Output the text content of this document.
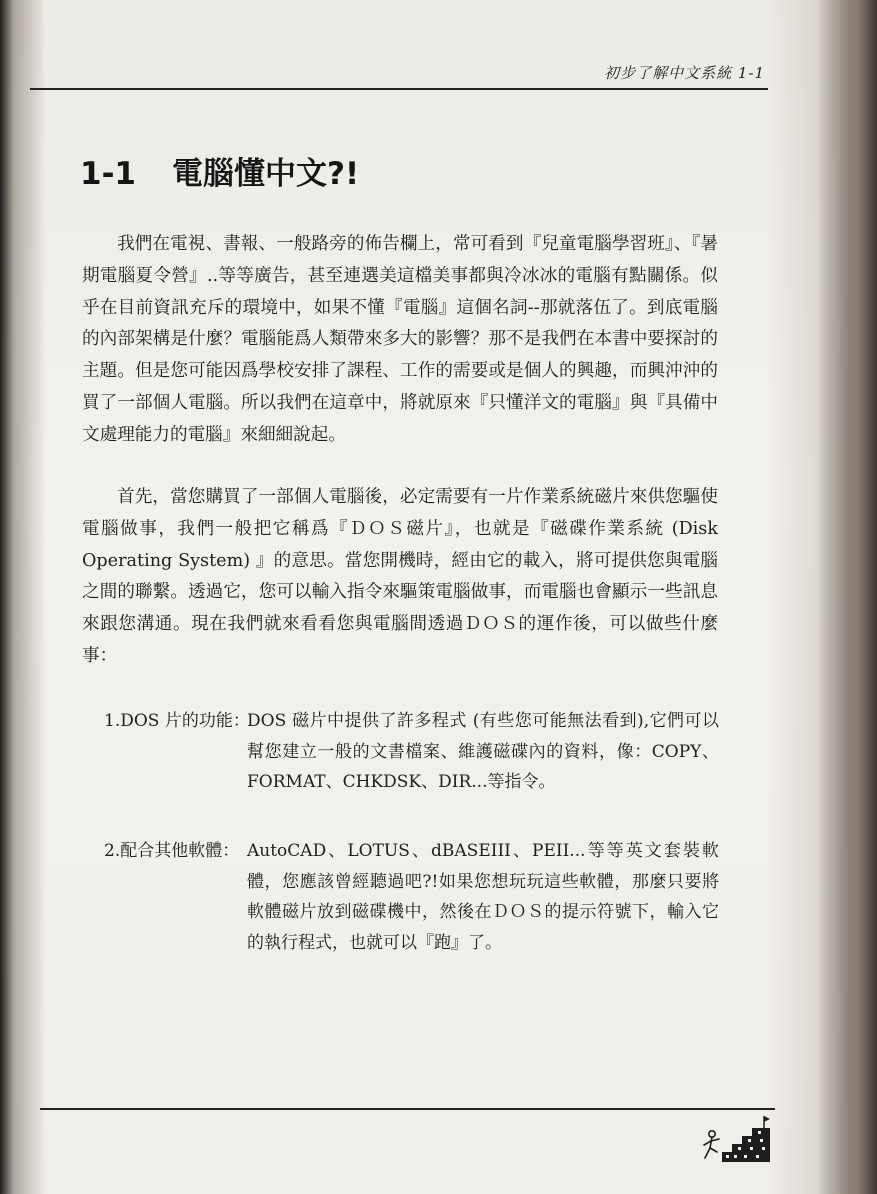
初步了解中文系統 1-1
1-1 電腦懂中文?!

我們在電視、書報、一般路旁的佈告欄上，常可看到『兒童電腦學習班』、『暑期電腦夏令營』..等等廣告，甚至連選美這檔美事都與冷冰冰的電腦有點關係。似乎在目前資訊充斥的環境中，如果不懂『電腦』這個名詞--那就落伍了。到底電腦的內部架構是什麼？電腦能爲人類帶來多大的影響？那不是我們在本書中要探討的主題。但是您可能因爲學校安排了課程、工作的需要或是個人的興趣，而興沖沖的買了一部個人電腦。所以我們在這章中，將就原來『只懂洋文的電腦』與『具備中文處理能力的電腦』來細細說起。

首先，當您購買了一部個人電腦後，必定需要有一片作業系統磁片來供您驅使電腦做事，我們一般把它稱爲『ＤＯＳ磁片』，也就是『磁碟作業系統 (Disk Operating System) 』的意思。當您開機時，經由它的載入，將可提供您與電腦之間的聯繫。透過它，您可以輸入指令來驅策電腦做事，而電腦也會顯示一些訊息來跟您溝通。現在我們就來看看您與電腦間透過ＤＯＳ的運作後，可以做些什麼事：

1.DOS 片的功能：
DOS 磁片中提供了許多程式 (有些您可能無法看到),它們可以幫您建立一般的文書檔案、維護磁碟內的資料，像：COPY、FORMAT、CHKDSK、DIR...等指令。
2.配合其他軟體： AutoCAD、LOTUS、dBASEIII、PEII...等等英文套裝軟體，您應該曾經聽過吧?!如果您想玩玩這些軟體，那麼只要將軟體磁片放到磁碟機中，然後在ＤＯＳ的提示符號下，輸入它的執行程式，也就可以『跑』了。
